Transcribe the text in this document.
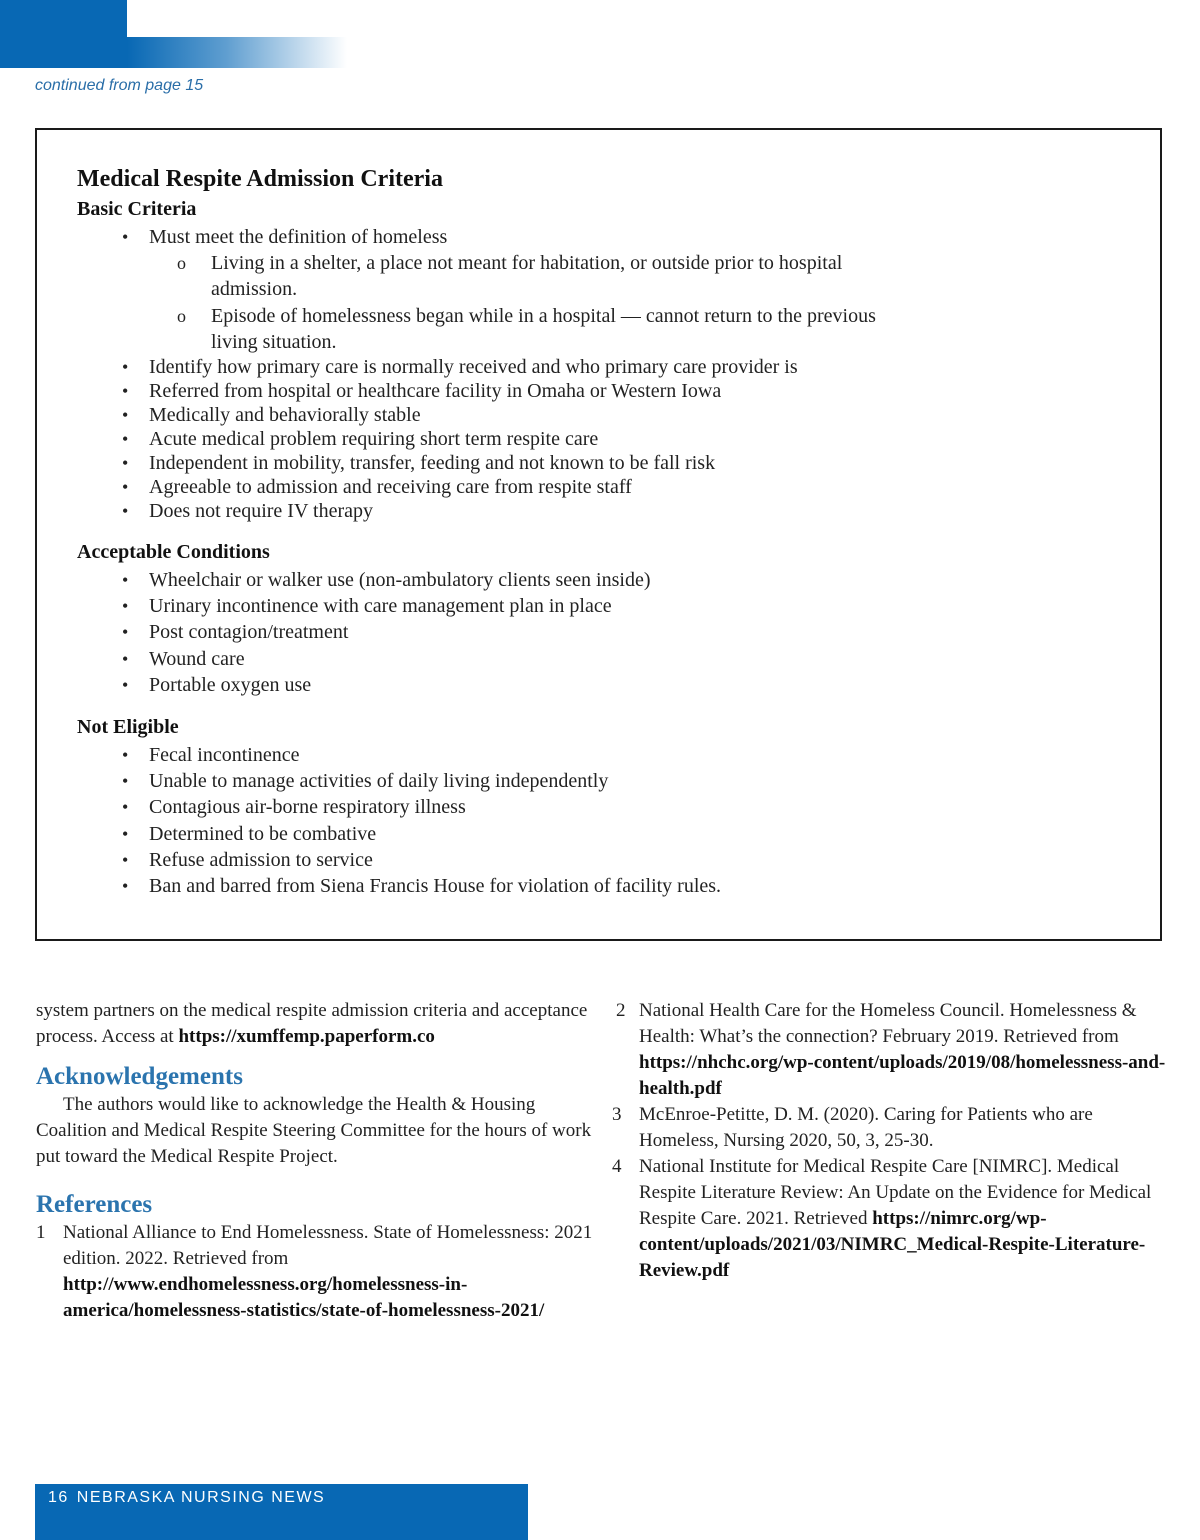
continued from page 15
Medical Respite Admission Criteria
Basic Criteria
• Must meet the definition of homeless
o Living in a shelter, a place not meant for habitation, or outside prior to hospital admission.
o Episode of homelessness began while in a hospital — cannot return to the previous living situation.
• Identify how primary care is normally received and who primary care provider is
• Referred from hospital or healthcare facility in Omaha or Western Iowa
• Medically and behaviorally stable
• Acute medical problem requiring short term respite care
• Independent in mobility, transfer, feeding and not known to be fall risk
• Agreeable to admission and receiving care from respite staff
• Does not require IV therapy
Acceptable Conditions
• Wheelchair or walker use (non-ambulatory clients seen inside)
• Urinary incontinence with care management plan in place
• Post contagion/treatment
• Wound care
• Portable oxygen use
Not Eligible
• Fecal incontinence
• Unable to manage activities of daily living independently
• Contagious air-borne respiratory illness
• Determined to be combative
• Refuse admission to service
• Ban and barred from Siena Francis House for violation of facility rules.

system partners on the medical respite admission criteria and acceptance process. Access at https://xumffemp.paperform.co

Acknowledgements

The authors would like to acknowledge the Health & Housing Coalition and Medical Respite Steering Committee for the hours of work put toward the Medical Respite Project.

References

1 National Alliance to End Homelessness. State of Homelessness: 2021 edition. 2022. Retrieved from http://www.endhomelessness.org/homelessness-in-america/homelessness-statistics/state-of-homelessness-2021/

2 National Health Care for the Homeless Council. Homelessness & Health: What’s the connection? February 2019. Retrieved from https://nhchc.org/wp-content/uploads/2019/08/homelessness-and-health.pdf

3 McEnroe-Petitte, D. M. (2020). Caring for Patients who are Homeless, Nursing 2020, 50, 3, 25-30.

4 National Institute for Medical Respite Care [NIMRC]. Medical Respite Literature Review: An Update on the Evidence for Medical Respite Care. 2021. Retrieved https://nimrc.org/wp-content/uploads/2021/03/NIMRC_Medical-Respite-Literature-Review.pdf

16 NEBRASKA NURSING NEWS
